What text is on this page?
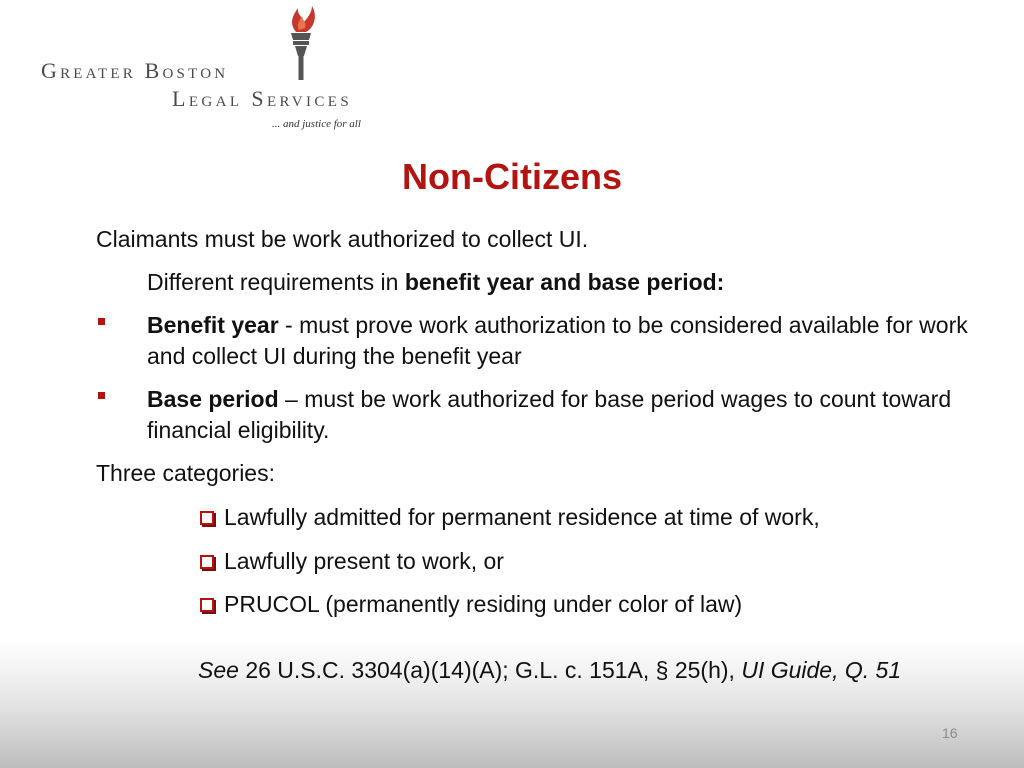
Greater Boston
Legal Services
... and justice for all
Non-Citizens
Claimants must be work authorized to collect UI.
Different requirements in benefit year and base period:
Benefit year - must prove work authorization to be considered available for work and collect UI during the benefit year
Base period – must be work authorized for base period wages to count toward financial eligibility.
Three categories:
Lawfully admitted for permanent residence at time of work,
Lawfully present to work, or
PRUCOL (permanently residing under color of law)
See 26 U.S.C. 3304(a)(14)(A); G.L. c. 151A, § 25(h), UI Guide, Q. 51
16
